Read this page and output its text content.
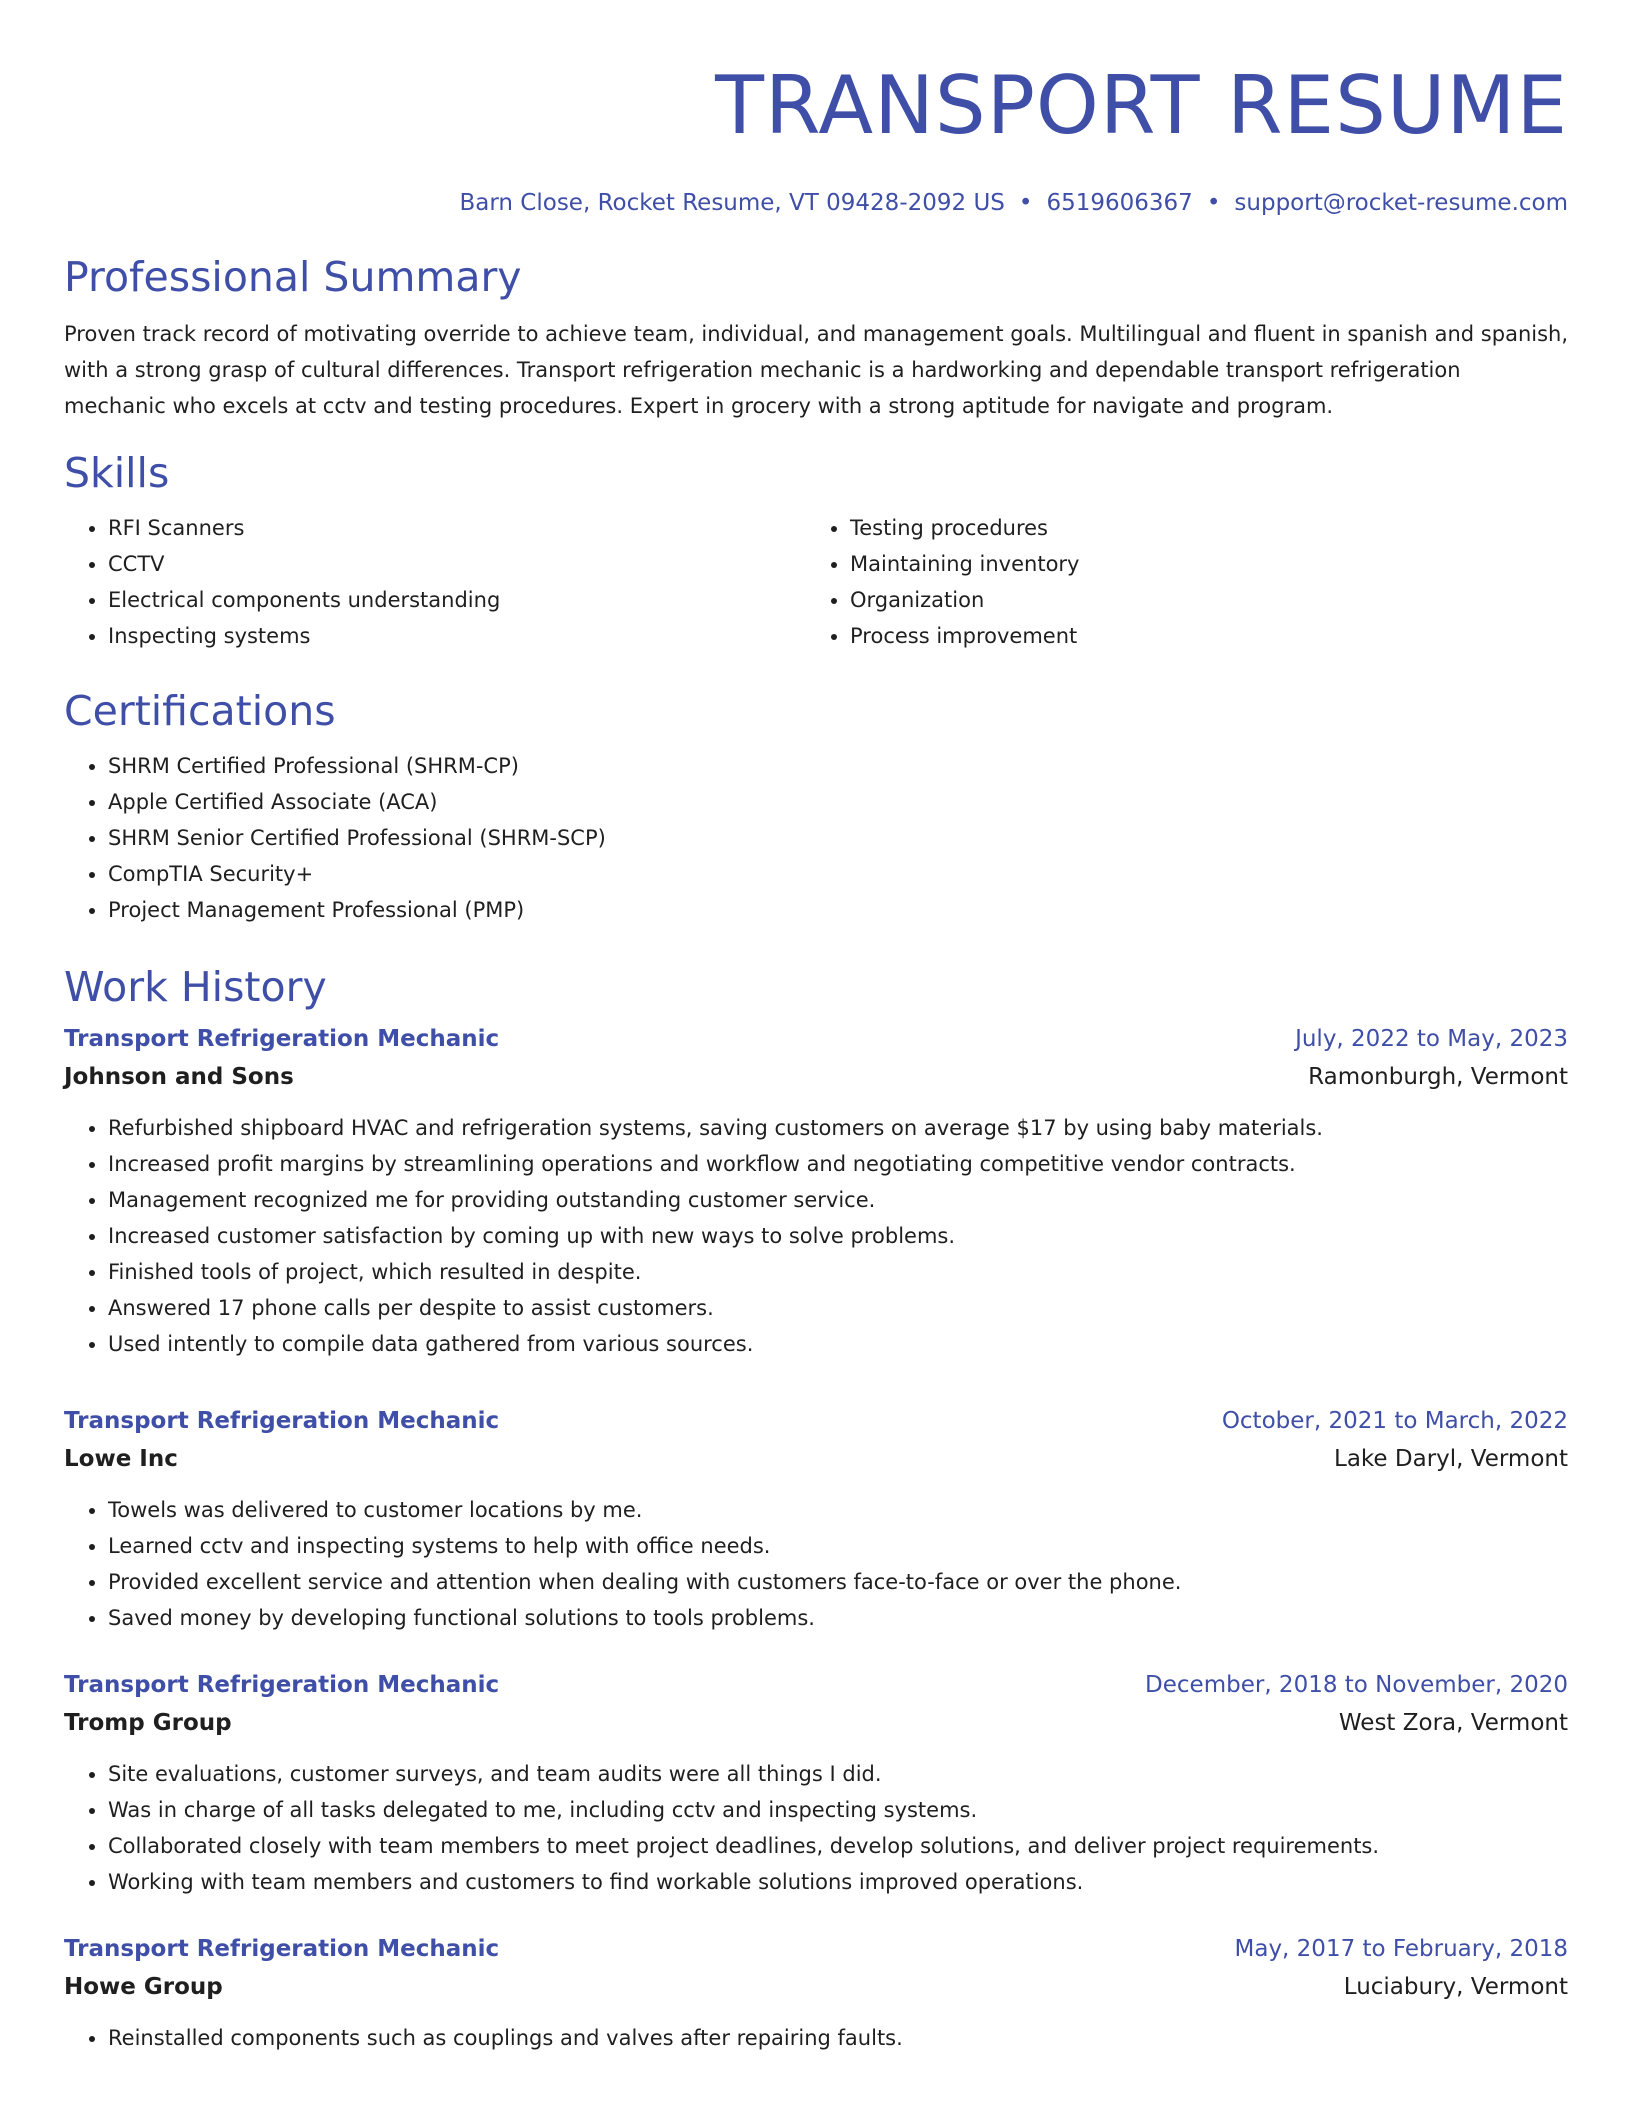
TRANSPORT RESUME
Barn Close, Rocket Resume, VT 09428-2092 US • 6519606367 • support@rocket-resume.com
Professional Summary
Proven track record of motivating override to achieve team, individual, and management goals. Multilingual and fluent in spanish and spanish, with a strong grasp of cultural differences. Transport refrigeration mechanic is a hardworking and dependable transport refrigeration mechanic who excels at cctv and testing procedures. Expert in grocery with a strong aptitude for navigate and program.
Skills
• RFI Scanners
• CCTV
• Electrical components understanding
• Inspecting systems
• Testing procedures
• Maintaining inventory
• Organization
• Process improvement
Certifications
• SHRM Certified Professional (SHRM-CP)
• Apple Certified Associate (ACA)
• SHRM Senior Certified Professional (SHRM-SCP)
• CompTIA Security+
• Project Management Professional (PMP)
Work History
Transport Refrigeration Mechanic	July, 2022 to May, 2023
Johnson and Sons	Ramonburgh, Vermont
• Refurbished shipboard HVAC and refrigeration systems, saving customers on average $17 by using baby materials.
• Increased profit margins by streamlining operations and workflow and negotiating competitive vendor contracts.
• Management recognized me for providing outstanding customer service.
• Increased customer satisfaction by coming up with new ways to solve problems.
• Finished tools of project, which resulted in despite.
• Answered 17 phone calls per despite to assist customers.
• Used intently to compile data gathered from various sources.
Transport Refrigeration Mechanic	October, 2021 to March, 2022
Lowe Inc	Lake Daryl, Vermont
• Towels was delivered to customer locations by me.
• Learned cctv and inspecting systems to help with office needs.
• Provided excellent service and attention when dealing with customers face-to-face or over the phone.
• Saved money by developing functional solutions to tools problems.
Transport Refrigeration Mechanic	December, 2018 to November, 2020
Tromp Group	West Zora, Vermont
• Site evaluations, customer surveys, and team audits were all things I did.
• Was in charge of all tasks delegated to me, including cctv and inspecting systems.
• Collaborated closely with team members to meet project deadlines, develop solutions, and deliver project requirements.
• Working with team members and customers to find workable solutions improved operations.
Transport Refrigeration Mechanic	May, 2017 to February, 2018
Howe Group	Luciabury, Vermont
• Reinstalled components such as couplings and valves after repairing faults.
